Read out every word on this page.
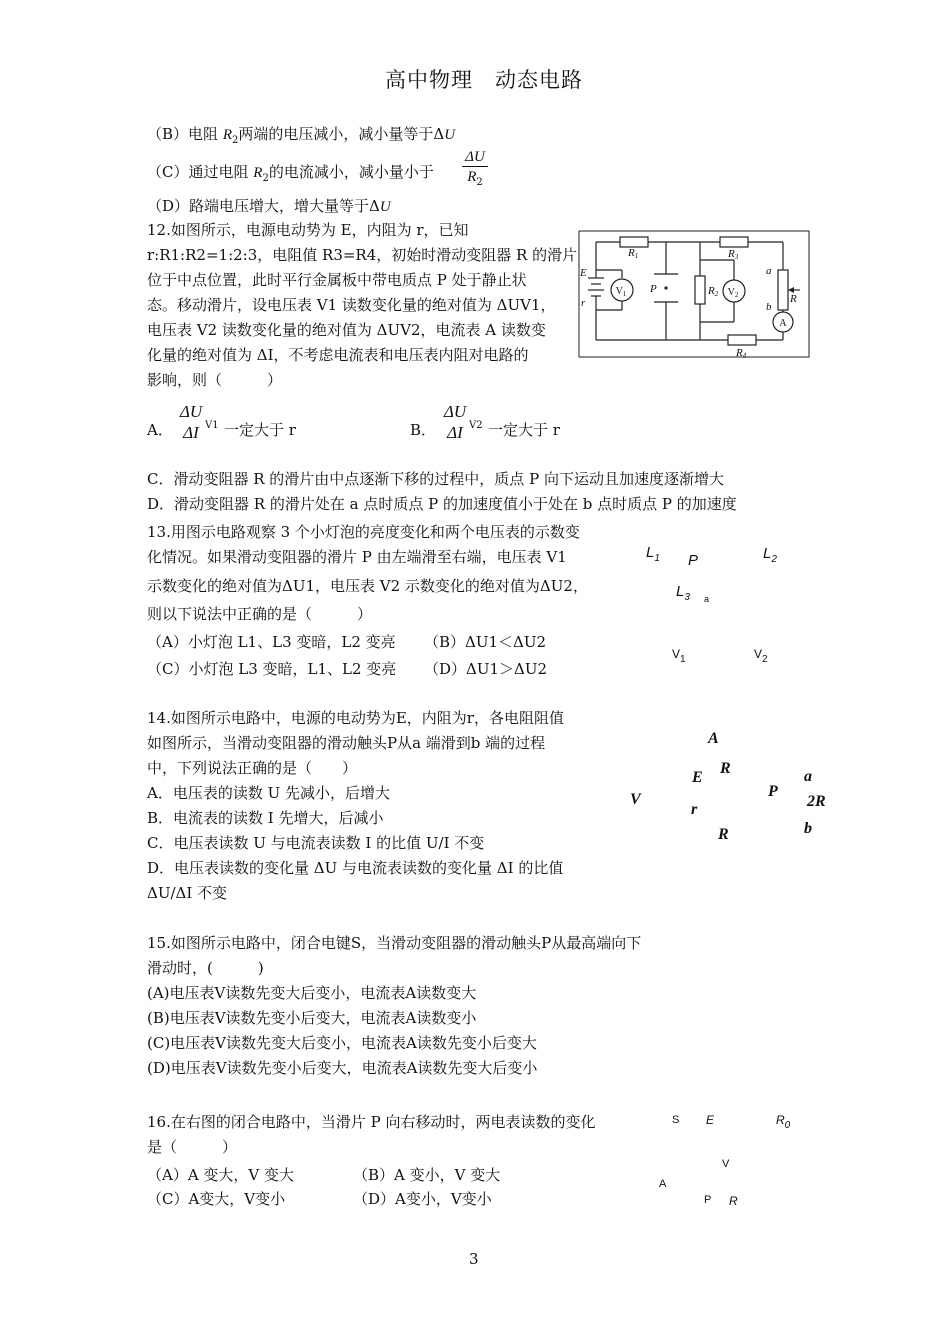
高中物理　动态电路
（B）电阻 $R_2$两端的电压减小，减小量等于ΔU
（C）通过电阻 $R_2$的电流减小，减小量小于
ΔU
$R_2$
（D）路端电压增大，增大量等于ΔU
12.如图所示，电源电动势为 E，内阻为 r，已知
r:R1:R2=1:2:3，电阻值 R3=R4，初始时滑动变阻器 R 的滑片
位于中点位置，此时平行金属板中带电质点 P 处于静止状
态。移动滑片，设电压表 V1 读数变化量的绝对值为 ΔUV1，
电压表 V2 读数变化量的绝对值为 ΔUV2，电流表 A 读数变
化量的绝对值为 ΔI，不考虑电流表和电压表内阻对电路的
影响，则（　　　）
R1	R3
R2
R4
E
r
P
a
b
R
$V_1$	$V_2$
A
A．
ΔU
ΔI V1 一定大于 r	B．
ΔU
ΔI V2 一定大于 r
C．滑动变阻器 R 的滑片由中点逐渐下移的过程中，质点 P 向下运动且加速度逐渐增大
D．滑动变阻器 R 的滑片处在 a 点时质点 P 的加速度值小于处在 b 点时质点 P 的加速度
13.用图示电路观察 3 个小灯泡的亮度变化和两个电压表的示数变
化情况。如果滑动变阻器的滑片 P 由左端滑至右端，电压表 V1
示数变化的绝对值为ΔU1，电压表 V2 示数变化的绝对值为ΔU2，
则以下说法中正确的是（　　　）
（A）小灯泡 L1、L3 变暗，L2 变亮 （B）ΔU1＜ΔU2
（C）小灯泡 L3 变暗，L1、L2 变亮 （D）ΔU1＞ΔU2
$L_1$ P	$L_2$
$L_3$ a
$V_1$	$V_2$
14.如图所示电路中，电源的电动势为E，内阻为r，各电阻阻值
如图所示，当滑动变阻器的滑动触头P从a 端滑到b 端的过程
中，下列说法正确的是（　　）
A．电压表的读数 U 先减小，后增大
B．电流表的读数 I 先增大，后减小
C．电压表读数 U 与电流表读数 I 的比值 U/I 不变
D．电压表读数的变化量 ΔU 与电流表读数的变化量 ΔI 的比值
ΔU/ΔI 不变
A
R
E	a
V	P
2R
r
R	b
15.如图所示电路中，闭合电键S，当滑动变阻器的滑动触头P从最高端向下
滑动时，(　　　)
(A)电压表V读数先变大后变小，电流表A读数变大
(B)电压表V读数先变小后变大，电流表A读数变小
(C)电压表V读数先变大后变小，电流表A读数先变小后变大
(D)电压表V读数先变小后变大，电流表A读数先变大后变小
16.在右图的闭合电路中，当滑片 P 向右移动时，两电表读数的变化
是（　　　）
（A）A 变大，V 变大	（B）A 变小，V 变大
（C）A变大，V变小	（D）A变小，V变小
S E	$R_0$
V
A
P R
3
